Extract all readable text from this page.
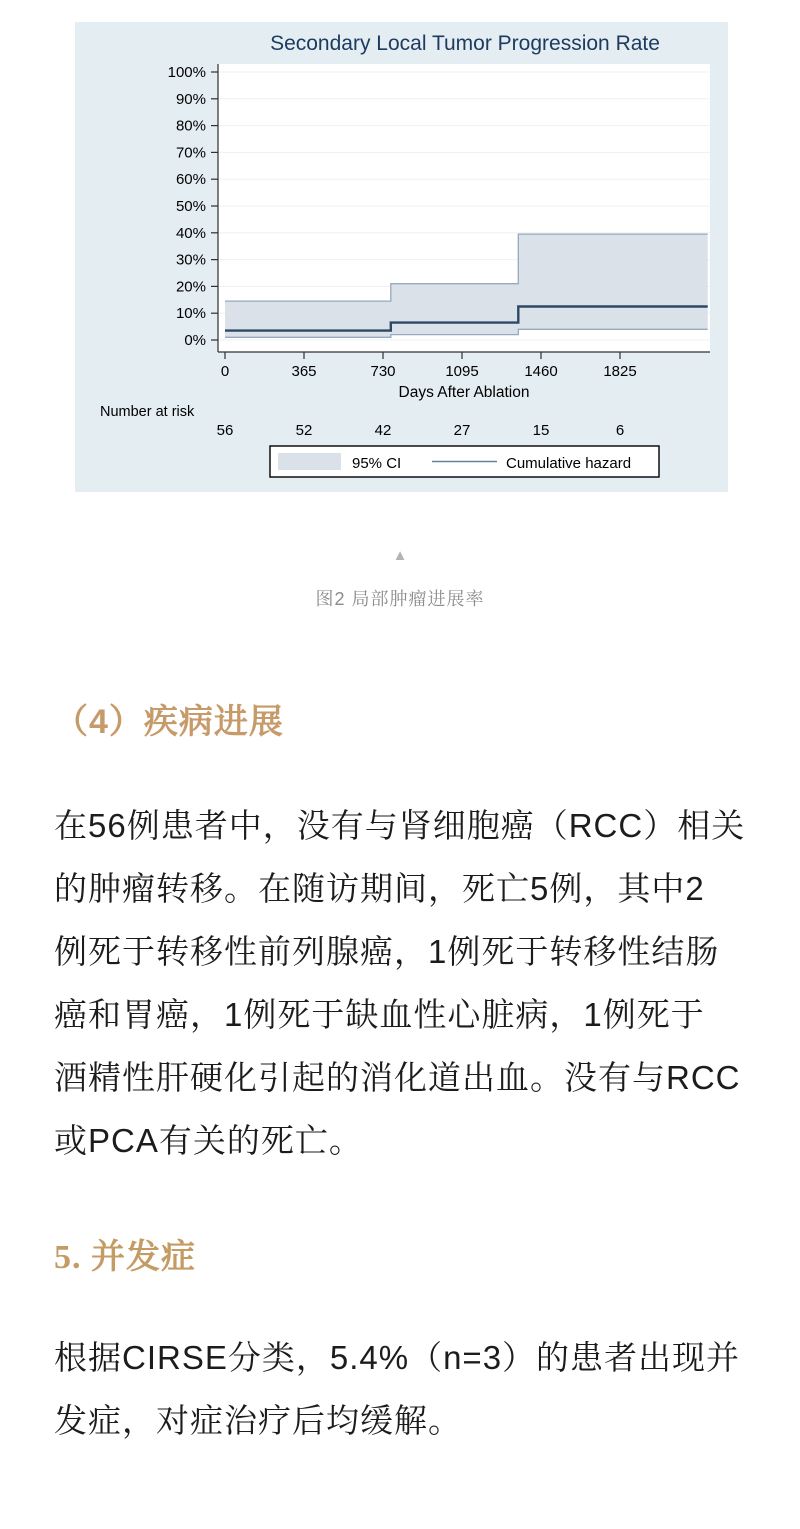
0%
10%
20%
30%
40%
50%
60%
70%
80%
90%
100%
0	365	730	1095	1460	1825
Days After Ablation
Secondary Local Tumor Progression Rate
Number at risk
56	52	42	27	15	6
95% CI	Cumulative hazard
▲
图2 局部肿瘤进展率
（4）疾病进展
在56例患者中，没有与肾细胞癌（RCC）相关
的肿瘤转移。在随访期间，死亡5例，其中2
例死于转移性前列腺癌，1例死于转移性结肠
癌和胃癌，1例死于缺血性心脏病，1例死于
酒精性肝硬化引起的消化道出血。没有与RCC
或PCA有关的死亡。
5. 并发症
根据CIRSE分类，5.4%（n=3）的患者出现并
发症，对症治疗后均缓解。
